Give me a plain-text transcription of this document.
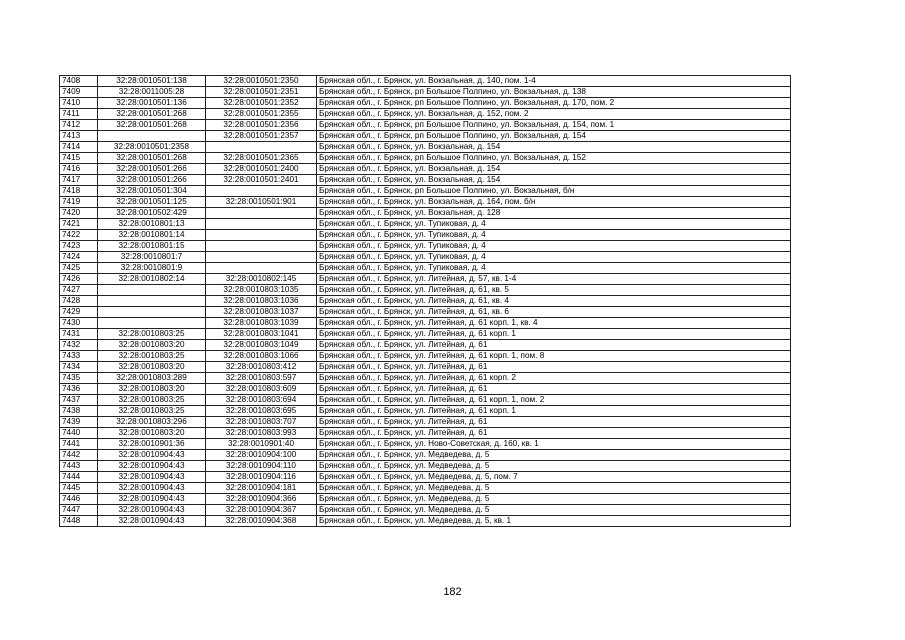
7408	32:28:0010501:138	32:28:0010501:2350	Брянская обл., г. Брянск, ул. Вокзальная, д. 140, пом. 1-4
7409	32:28:0011005:28	32:28:0010501:2351	Брянская обл., г. Брянск, рп Большое Полпино, ул. Вокзальная, д. 138
7410	32:28:0010501:136	32:28:0010501:2352	Брянская обл., г. Брянск, рп Большое Полпино, ул. Вокзальная, д. 170, пом. 2
7411	32:28:0010501:268	32:28:0010501:2355	Брянская обл., г. Брянск, ул. Вокзальная, д. 152, пом. 2
7412	32:28:0010501:268	32:28:0010501:2356	Брянская обл., г. Брянск, рп Большое Полпино, ул. Вокзальная, д. 154, пом. 1
7413		32:28:0010501:2357	Брянская обл., г. Брянск, рп Большое Полпино, ул. Вокзальная, д. 154
7414	32:28:0010501:2358		Брянская обл., г. Брянск, ул. Вокзальная, д. 154
7415	32:28:0010501:268	32:28:0010501:2365	Брянская обл., г. Брянск, рп Большое Полпино, ул. Вокзальная, д. 152
7416	32:28:0010501:266	32:28:0010501:2400	Брянская обл., г. Брянск, ул. Вокзальная, д. 154
7417	32:28:0010501:266	32:28:0010501:2401	Брянская обл., г. Брянск, ул. Вокзальная, д. 154
7418	32:28:0010501:304		Брянская обл., г. Брянск, рп Большое Полпино, ул. Вокзальная, б/н
7419	32:28:0010501:125	32:28:0010501:901	Брянская обл., г. Брянск, ул. Вокзальная, д. 164, пом. б/н
7420	32:28:0010502:429		Брянская обл., г. Брянск, ул. Вокзальная, д. 128
7421	32:28:0010801:13		Брянская обл., г. Брянск, ул. Тупиковая, д. 4
7422	32:28:0010801:14		Брянская обл., г. Брянск, ул. Тупиковая, д. 4
7423	32:28:0010801:15		Брянская обл., г. Брянск, ул. Тупиковая, д. 4
7424	32:28:0010801:7		Брянская обл., г. Брянск, ул. Тупиковая, д. 4
7425	32:28:0010801:9		Брянская обл., г. Брянск, ул. Тупиковая, д. 4
7426	32:28:0010802:14	32:28:0010802:145	Брянская обл., г. Брянск, ул. Литейная, д. 57, кв. 1-4
7427		32:28:0010803:1035	Брянская обл., г. Брянск, ул. Литейная, д. 61, кв. 5
7428		32:28:0010803:1036	Брянская обл., г. Брянск, ул. Литейная, д. 61, кв. 4
7429		32:28:0010803:1037	Брянская обл., г. Брянск, ул. Литейная, д. 61, кв. 6
7430		32:28:0010803:1039	Брянская обл., г. Брянск, ул. Литейная, д. 61 корп. 1, кв. 4
7431	32:28:0010803:25	32:28:0010803:1041	Брянская обл., г. Брянск, ул. Литейная, д. 61 корп. 1
7432	32:28:0010803:20	32:28:0010803:1049	Брянская обл., г. Брянск, ул. Литейная, д. 61
7433	32:28:0010803:25	32:28:0010803:1066	Брянская обл., г. Брянск, ул. Литейная, д. 61 корп. 1, пом. 8
7434	32:28:0010803:20	32:28:0010803:412	Брянская обл., г. Брянск, ул. Литейная, д. 61
7435	32:28:0010803:289	32:28:0010803:597	Брянская обл., г. Брянск, ул. Литейная, д. 61 корп. 2
7436	32:28:0010803:20	32:28:0010803:609	Брянская обл., г. Брянск, ул. Литейная, д. 61
7437	32:28:0010803:25	32:28:0010803:694	Брянская обл., г. Брянск, ул. Литейная, д. 61 корп. 1, пом. 2
7438	32:28:0010803:25	32:28:0010803:695	Брянская обл., г. Брянск, ул. Литейная, д. 61 корп. 1
7439	32:28:0010803:296	32:28:0010803:707	Брянская обл., г. Брянск, ул. Литейная, д. 61
7440	32:28:0010803:20	32:28:0010803:993	Брянская обл., г. Брянск, ул. Литейная, д. 61
7441	32:28:0010901:36	32:28:0010901:40	Брянская обл., г. Брянск, ул. Ново-Советская, д. 160, кв. 1
7442	32:28:0010904:43	32:28:0010904:100	Брянская обл., г. Брянск, ул. Медведева, д. 5
7443	32:28:0010904:43	32:28:0010904:110	Брянская обл., г. Брянск, ул. Медведева, д. 5
7444	32:28:0010904:43	32:28:0010904:116	Брянская обл., г. Брянск, ул. Медведева, д. 5, пом. 7
7445	32:28:0010904:43	32:28:0010904:181	Брянская обл., г. Брянск, ул. Медведева, д. 5
7446	32:28:0010904:43	32:28:0010904:366	Брянская обл., г. Брянск, ул. Медведева, д. 5
7447	32:28:0010904:43	32:28:0010904:367	Брянская обл., г. Брянск, ул. Медведева, д. 5
7448	32:28:0010904:43	32:28:0010904:368	Брянская обл., г. Брянск, ул. Медведева, д. 5, кв. 1
182
